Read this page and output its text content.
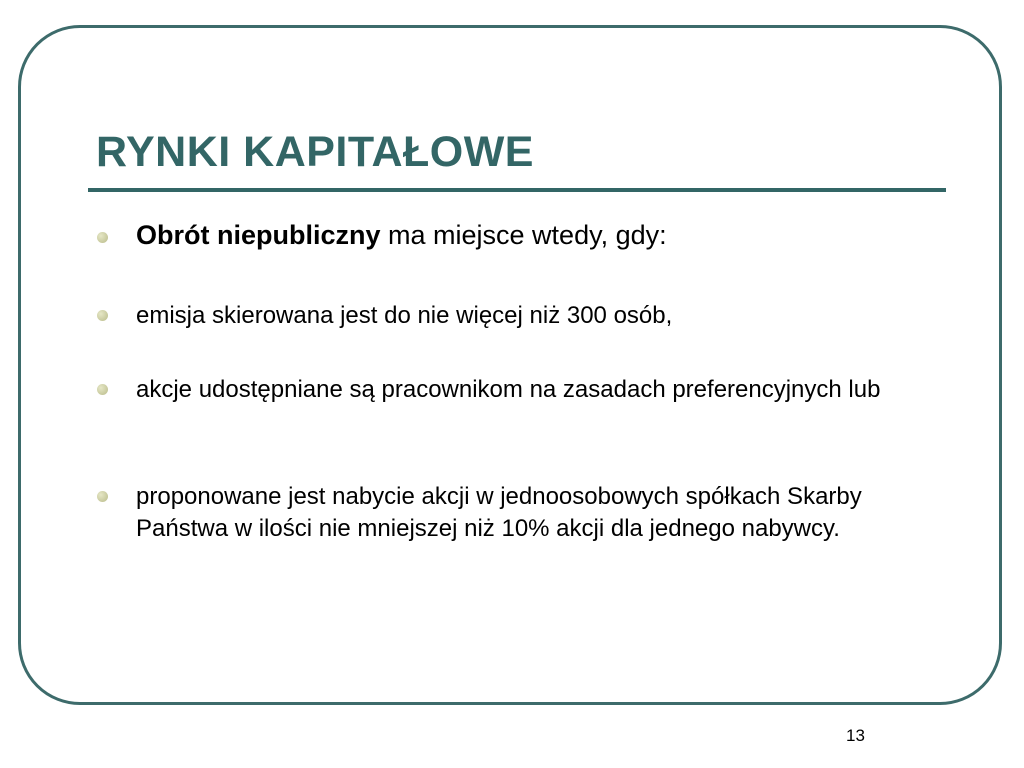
RYNKI KAPITAŁOWE
Obrót niepubliczny ma miejsce wtedy, gdy:
emisja skierowana jest do nie więcej niż 300 osób,
akcje udostępniane są pracownikom na zasadach preferencyjnych lub
proponowane jest nabycie akcji w jednoosobowych spółkach Skarby Państwa w ilości nie mniejszej niż 10% akcji dla jednego nabywcy.
13
